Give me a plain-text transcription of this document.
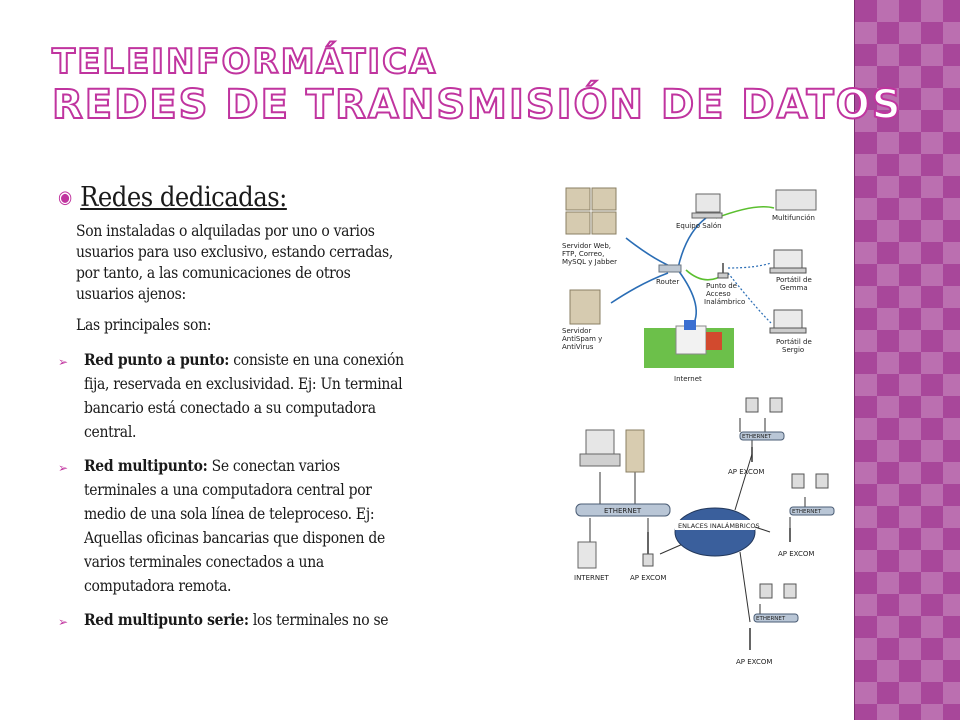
TELEINFORMÁTICA
REDES DE TRANSMISIÓN DE DATOS
◉ Redes dedicadas:

Son instaladas o alquiladas por uno o varios usuarios para uso exclusivo, estando cerradas, por tanto, a las comunicaciones de otros usuarios ajenos:

Las principales son:

➢	Red punto a punto: consiste en una conexión fija, reservada en exclusividad. Ej: Un terminal bancario está conectado a su computadora central.
➢	Red multipunto: Se conectan varios terminales a una computadora central por medio de una sola línea de teleproceso. Ej: Aquellas oficinas bancarias que disponen de varios terminales conectados a una computadora remota.
➢	Red multipunto serie: los terminales no se
Servidor Web,
FTP, Correo,
MySQL y Jabber
Servidor
AntiSpam y
AntiVirus
Router
Equipo Salón
Multifunción
Punto de
Acceso
Inalámbrico
Portátil de
Gemma
Portátil de
Sergio
Internet
ETHERNET
INTERNET	AP EXCOM
ENLACES INALÁMBRICOS
ETHERNET
AP EXCOM
ETHERNET
AP EXCOM
ETHERNET
AP EXCOM
